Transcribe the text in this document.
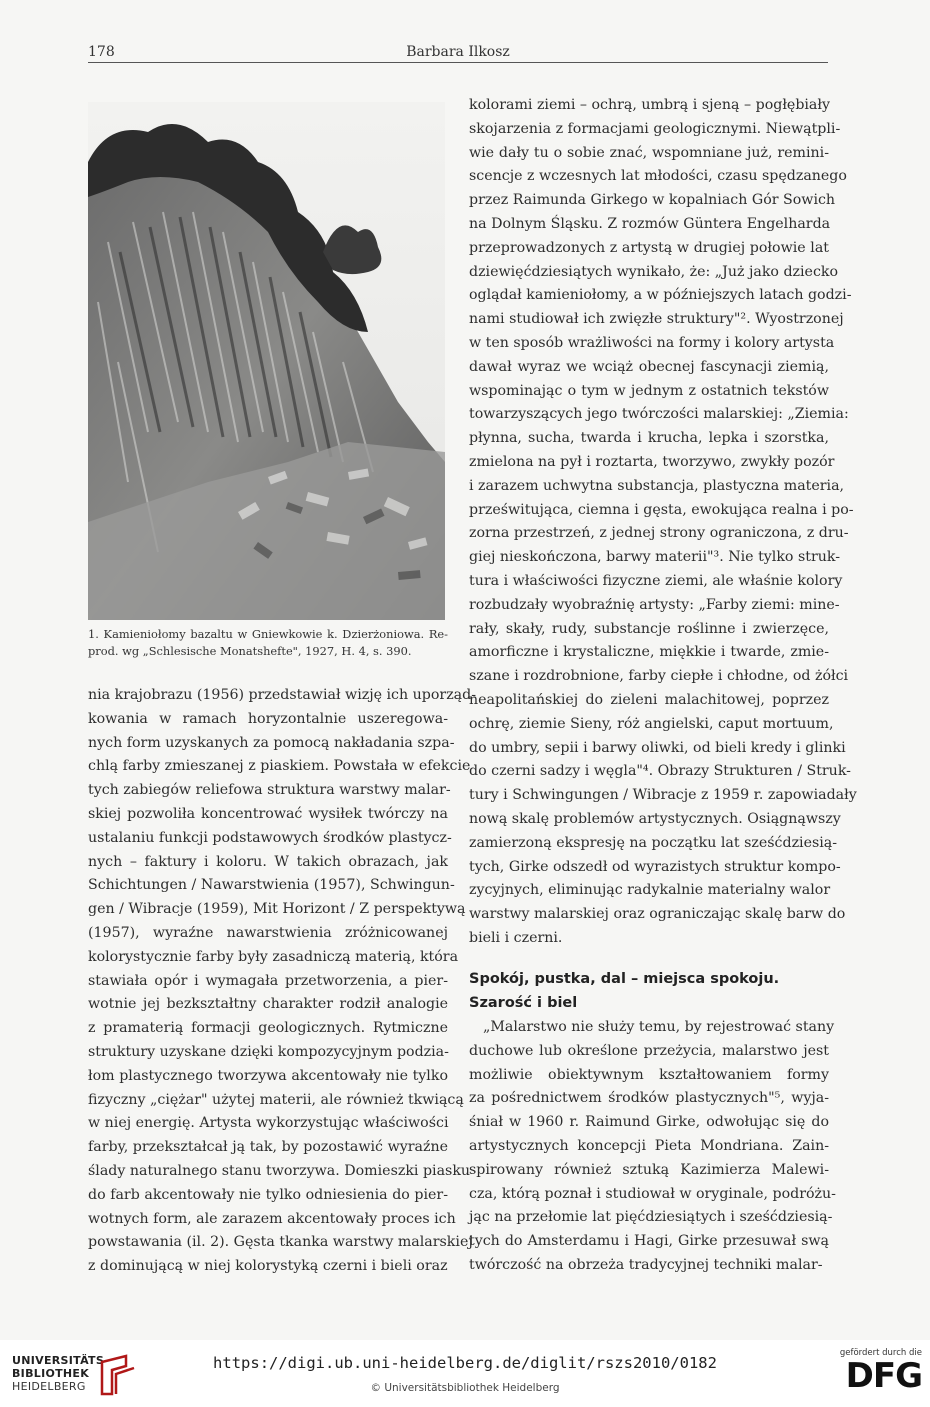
178	Barbara Ilkosz
1. Kamieniołomy bazaltu w Gniewkowie k. Dzierżoniowa. Re-
prod. wg „Schlesische Monatshefte", 1927, H. 4, s. 390.
nia krajobrazu (1956) przedstawiał wizję ich uporząd-
kowania w ramach horyzontalnie uszeregowa-
nych form uzyskanych za pomocą nakładania szpa-
chlą farby zmieszanej z piaskiem. Powstała w efekcie
tych zabiegów reliefowa struktura warstwy malar-
skiej pozwoliła koncentrować wysiłek twórczy na
ustalaniu funkcji podstawowych środków plastycz-
nych – faktury i koloru. W takich obrazach, jak
Schichtungen / Nawarstwienia (1957), Schwingun-
gen / Wibracje (1959), Mit Horizont / Z perspektywą
(1957), wyraźne nawarstwienia zróżnicowanej
kolorystycznie farby były zasadniczą materią, która
stawiała opór i wymagała przetworzenia, a pier-
wotnie jej bezkształtny charakter rodził analogie
z pramaterią formacji geologicznych. Rytmiczne
struktury uzyskane dzięki kompozycyjnym podzia-
łom plastycznego tworzywa akcentowały nie tylko
fizyczny „ciężar" użytej materii, ale również tkwiącą
w niej energię. Artysta wykorzystując właściwości
farby, przekształcał ją tak, by pozostawić wyraźne
ślady naturalnego stanu tworzywa. Domieszki piasku
do farb akcentowały nie tylko odniesienia do pier-
wotnych form, ale zarazem akcentowały proces ich
powstawania (il. 2). Gęsta tkanka warstwy malarskiej
z dominującą w niej kolorystyką czerni i bieli oraz
kolorami ziemi – ochrą, umbrą i sjeną – pogłębiały
skojarzenia z formacjami geologicznymi. Niewątpli-
wie dały tu o sobie znać, wspomniane już, remini-
scencje z wczesnych lat młodości, czasu spędzanego
przez Raimunda Girkego w kopalniach Gór Sowich
na Dolnym Śląsku. Z rozmów Güntera Engelharda
przeprowadzonych z artystą w drugiej połowie lat
dziewięćdziesiątych wynikało, że: „Już jako dziecko
oglądał kamieniołomy, a w późniejszych latach godzi-
nami studiował ich zwięzłe struktury"². Wyostrzonej
w ten sposób wrażliwości na formy i kolory artysta
dawał wyraz we wciąż obecnej fascynacji ziemią,
wspominając o tym w jednym z ostatnich tekstów
towarzyszących jego twórczości malarskiej: „Ziemia:
płynna, sucha, twarda i krucha, lepka i szorstka,
zmielona na pył i roztarta, tworzywo, zwykły pozór
i zarazem uchwytna substancja, plastyczna materia,
prześwitująca, ciemna i gęsta, ewokująca realna i po-
zorna przestrzeń, z jednej strony ograniczona, z dru-
giej nieskończona, barwy materii"³. Nie tylko struk-
tura i właściwości fizyczne ziemi, ale właśnie kolory
rozbudzały wyobraźnię artysty: „Farby ziemi: mine-
rały, skały, rudy, substancje roślinne i zwierzęce,
amorficzne i krystaliczne, miękkie i twarde, zmie-
szane i rozdrobnione, farby ciepłe i chłodne, od żółci
neapolitańskiej do zieleni malachitowej, poprzez
ochrę, ziemie Sieny, róż angielski, caput mortuum,
do umbry, sepii i barwy oliwki, od bieli kredy i glinki
do czerni sadzy i węgla"⁴. Obrazy Strukturen / Struk-
tury i Schwingungen / Wibracje z 1959 r. zapowiadały
nową skalę problemów artystycznych. Osiągnąwszy
zamierzoną ekspresję na początku lat sześćdziesią-
tych, Girke odszedł od wyrazistych struktur kompo-
zycyjnych, eliminując radykalnie materialny walor
warstwy malarskiej oraz ograniczając skalę barw do
bieli i czerni.
Spokój, pustka, dal – miejsca spokoju.
Szarość i biel
„Malarstwo nie służy temu, by rejestrować stany
duchowe lub określone przeżycia, malarstwo jest
możliwie obiektywnym kształtowaniem formy
za pośrednictwem środków plastycznych"⁵, wyja-
śniał w 1960 r. Raimund Girke, odwołując się do
artystycznych koncepcji Pieta Mondriana. Zain-
spirowany również sztuką Kazimierza Malewi-
cza, którą poznał i studiował w oryginale, podróżu-
jąc na przełomie lat pięćdziesiątych i sześćdziesią-
tych do Amsterdamu i Hagi, Girke przesuwał swą
twórczość na obrzeża tradycyjnej techniki malar-
UNIVERSITÄTS-
BIBLIOTHEK
HEIDELBERG
https://digi.ub.uni-heidelberg.de/diglit/rszs2010/0182
© Universitätsbibliothek Heidelberg
gefördert durch die
DFG
